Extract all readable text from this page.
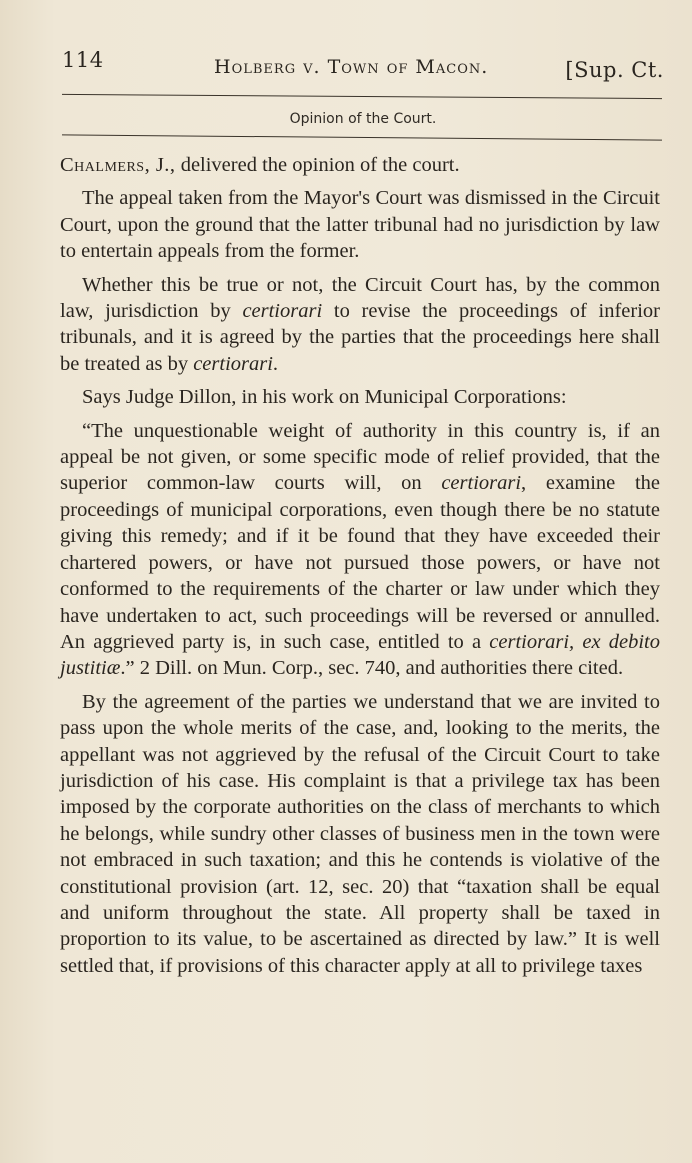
114	Holberg v. Town of Macon.	[Sup. Ct.
Opinion of the Court.

Chalmers, J., delivered the opinion of the court.

The appeal taken from the Mayor's Court was dismissed in the Circuit Court, upon the ground that the latter tribunal had no jurisdiction by law to entertain appeals from the former.

Whether this be true or not, the Circuit Court has, by the common law, jurisdiction by certiorari to revise the proceedings of inferior tribunals, and it is agreed by the parties that the proceedings here shall be treated as by certiorari.

Says Judge Dillon, in his work on Municipal Corporations:

“The unquestionable weight of authority in this country is, if an appeal be not given, or some specific mode of relief provided, that the superior common-law courts will, on certiorari, examine the proceedings of municipal corporations, even though there be no statute giving this remedy; and if it be found that they have exceeded their chartered powers, or have not pursued those powers, or have not conformed to the requirements of the charter or law under which they have undertaken to act, such proceedings will be reversed or annulled. An aggrieved party is, in such case, entitled to a certiorari, ex debito justitiæ.” 2 Dill. on Mun. Corp., sec. 740, and authorities there cited.

By the agreement of the parties we understand that we are invited to pass upon the whole merits of the case, and, looking to the merits, the appellant was not aggrieved by the refusal of the Circuit Court to take jurisdiction of his case. His complaint is that a privilege tax has been imposed by the corporate authorities on the class of merchants to which he belongs, while sundry other classes of business men in the town were not embraced in such taxation; and this he contends is violative of the constitutional provision (art. 12, sec. 20) that “taxation shall be equal and uniform throughout the state. All property shall be taxed in proportion to its value, to be ascertained as directed by law.” It is well settled that, if provisions of this character apply at all to privilege taxes
